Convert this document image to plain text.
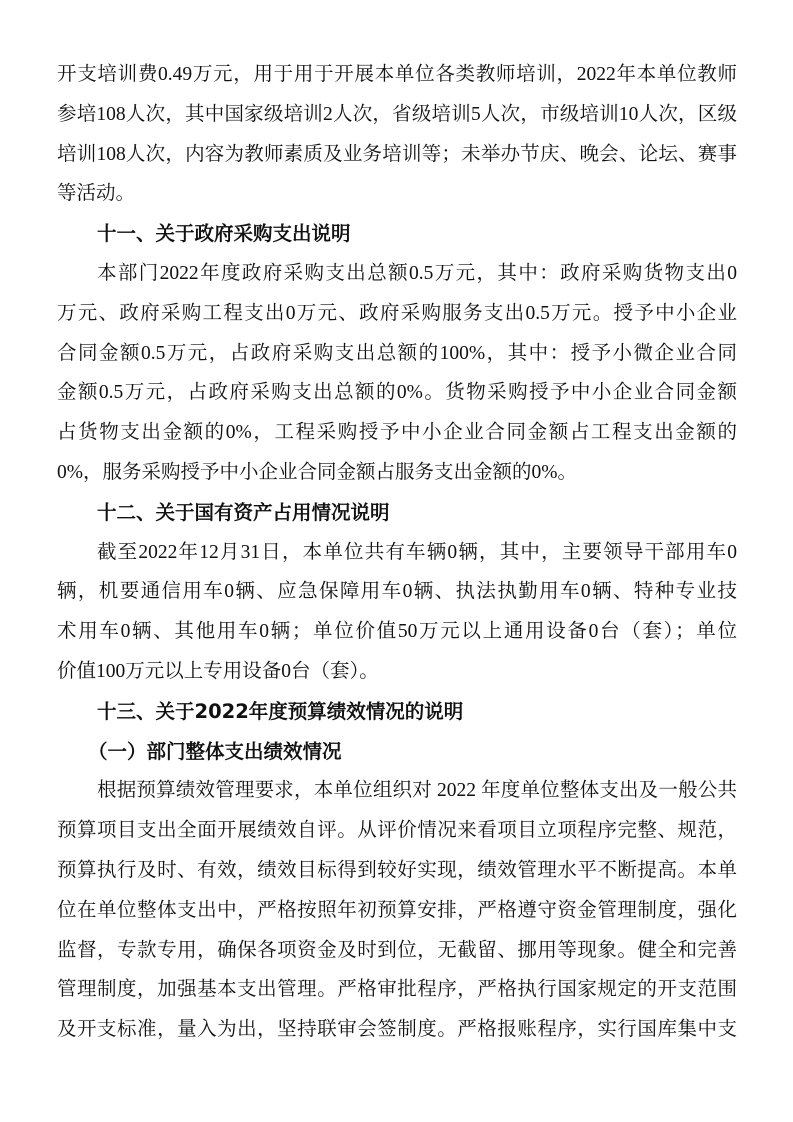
开支培训费0.49万元，用于用于开展本单位各类教师培训，2022年本单位教师
参培108人次，其中国家级培训2人次，省级培训5人次，市级培训10人次，区级
培训108人次，内容为教师素质及业务培训等；未举办节庆、晚会、论坛、赛事
等活动。
十一、关于政府采购支出说明
本部门2022年度政府采购支出总额0.5万元，其中：政府采购货物支出0
万元、政府采购工程支出0万元、政府采购服务支出0.5万元。授予中小企业
合同金额0.5万元，占政府采购支出总额的100%，其中：授予小微企业合同
金额0.5万元，占政府采购支出总额的0%。货物采购授予中小企业合同金额
占货物支出金额的0%，工程采购授予中小企业合同金额占工程支出金额的
0%，服务采购授予中小企业合同金额占服务支出金额的0%。
十二、关于国有资产占用情况说明
截至2022年12月31日，本单位共有车辆0辆，其中，主要领导干部用车0
辆，机要通信用车0辆、应急保障用车0辆、执法执勤用车0辆、特种专业技
术用车0辆、其他用车0辆；单位价值50万元以上通用设备0台（套）；单位
价值100万元以上专用设备0台（套）。
十三、关于2022年度预算绩效情况的说明
（一）部门整体支出绩效情况
根据预算绩效管理要求，本单位组织对 2022 年度单位整体支出及一般公共
预算项目支出全面开展绩效自评。从评价情况来看项目立项程序完整、规范，
预算执行及时、有效，绩效目标得到较好实现，绩效管理水平不断提高。本单
位在单位整体支出中，严格按照年初预算安排，严格遵守资金管理制度，强化
监督，专款专用，确保各项资金及时到位，无截留、挪用等现象。健全和完善
管理制度，加强基本支出管理。严格审批程序，严格执行国家规定的开支范围
及开支标准，量入为出，坚持联审会签制度。严格报账程序，实行国库集中支
